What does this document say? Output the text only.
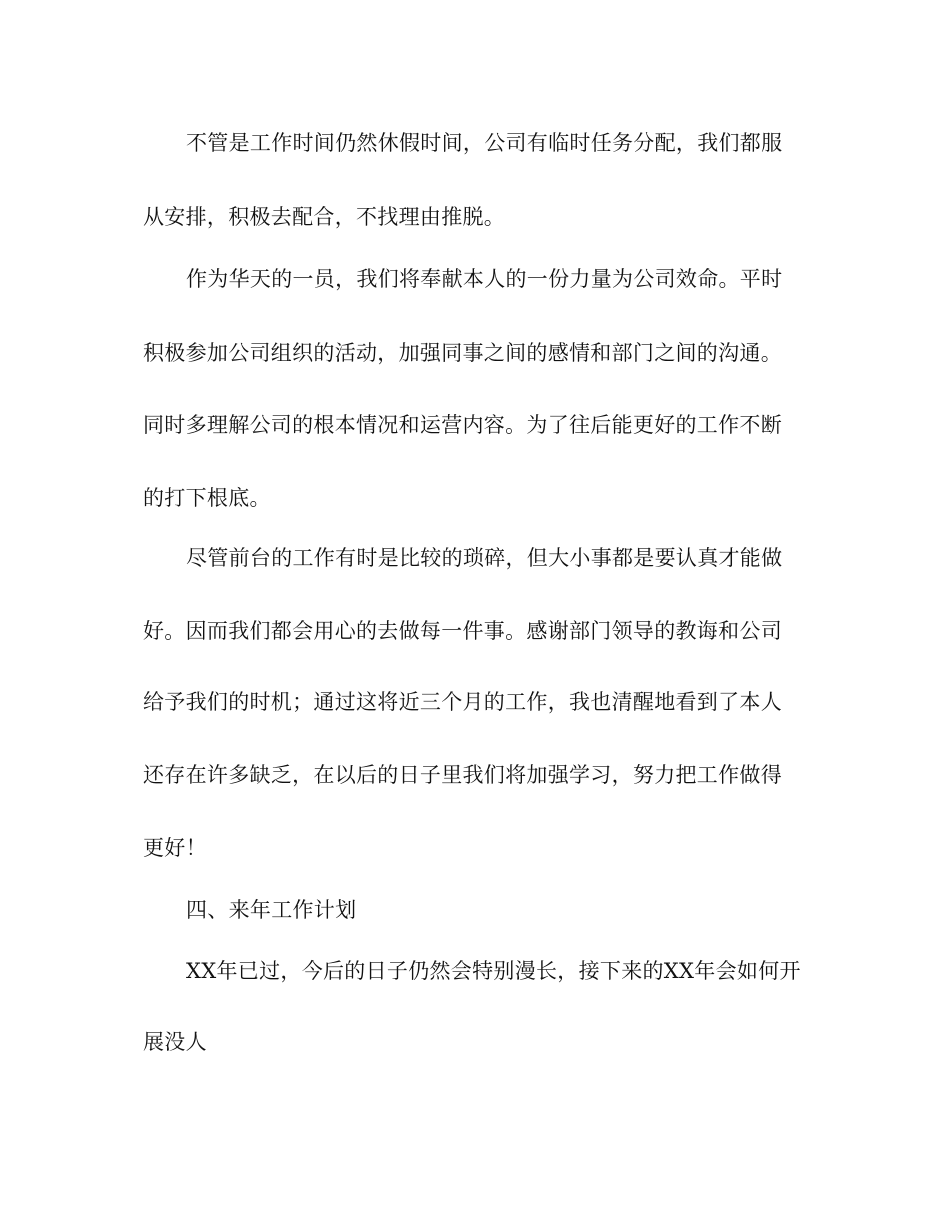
不管是工作时间仍然休假时间，公司有临时任务分配，我们都服
从安排，积极去配合，不找理由推脱。
作为华天的一员，我们将奉献本人的一份力量为公司效命。平时
积极参加公司组织的活动，加强同事之间的感情和部门之间的沟通。
同时多理解公司的根本情况和运营内容。为了往后能更好的工作不断
的打下根底。
尽管前台的工作有时是比较的琐碎，但大小事都是要认真才能做
好。因而我们都会用心的去做每一件事。感谢部门领导的教诲和公司
给予我们的时机；通过这将近三个月的工作，我也清醒地看到了本人
还存在许多缺乏，在以后的日子里我们将加强学习，努力把工作做得
更好！
四、来年工作计划
XX年已过，今后的日子仍然会特别漫长，接下来的XX年会如何开
展没人
